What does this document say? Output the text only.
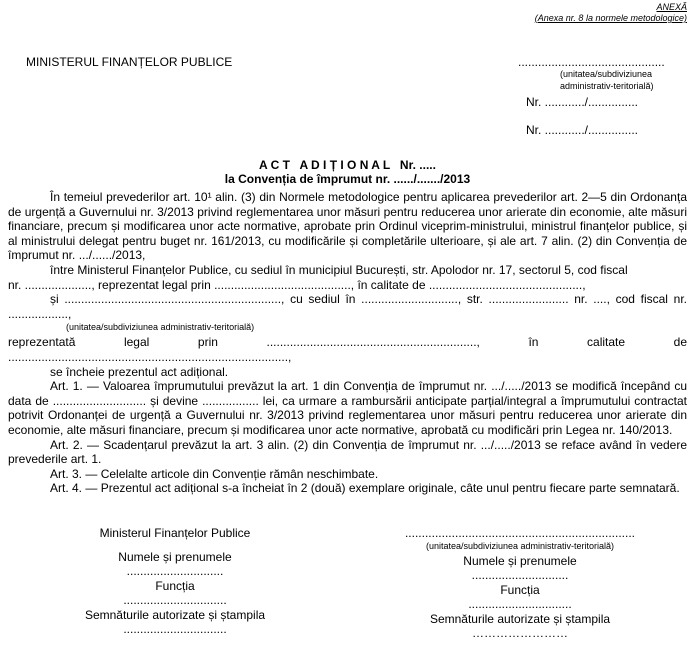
ANEXĂ
(Anexa nr. 8 la normele metodologice)
MINISTERUL FINANȚELOR PUBLICE	............................................
(unitatea/subdiviziunea
administrativ-teritorială)
Nr. ............/...............
Nr. ............/...............
A C T   A D I Ț I O N A L   Nr. .....
la Convenția de împrumut nr. ....../......./2013

În temeiul prevederilor art. 10¹ alin. (3) din Normele metodologice pentru aplicarea prevederilor art. 2—5 din Ordonanța de urgență a Guvernului nr. 3/2013 privind reglementarea unor măsuri pentru reducerea unor arierate din economie, alte măsuri financiare, precum și modificarea unor acte normative, aprobate prin Ordinul viceprim-ministrului, ministrul finanțelor publice, și al ministrului delegat pentru buget nr. 161/2013, cu modificările și completările ulterioare, și ale art. 7 alin. (2) din Convenția de împrumut nr. .../....../2013,

între Ministerul Finanțelor Publice, cu sediul în municipiul București, str. Apolodor nr. 17, sectorul 5, cod fiscal

nr. ...................., reprezentat legal prin ........................................., în calitate de ..............................................,

și ................................................................., cu sediul în ............................., str. ........................ nr. ...., cod fiscal nr. ..................,

(unitatea/subdiviziunea administrativ-teritorială)

reprezentată legal prin ..............................................................., în calitate de ....................................................................................,

se încheie prezentul act adițional.

Art. 1. — Valoarea împrumutului prevăzut la art. 1 din Convenția de împrumut nr. .../...../2013 se modifică începând cu data de ............................ și devine ................. lei, ca urmare a rambursării anticipate parțial/integral a împrumutului contractat potrivit Ordonanței de urgență a Guvernului nr. 3/2013 privind reglementarea unor măsuri pentru reducerea unor arierate din economie, alte măsuri financiare, precum și modificarea unor acte normative, aprobată cu modificări prin Legea nr. 140/2013.

Art. 2. — Scadențarul prevăzut la art. 3 alin. (2) din Convenția de împrumut nr. .../...../2013 se reface având în vedere prevederile art. 1.

Art. 3. — Celelalte articole din Convenție rămân neschimbate.

Art. 4. — Prezentul act adițional s-a încheiat în 2 (două) exemplare originale, câte unul pentru fiecare parte semnatară.

Ministerul Finanțelor Publice
Numele și prenumele
.............................
Funcția
...............................
Semnăturile autorizate și ștampila
...............................
.....................................................................
(unitatea/subdiviziunea administrativ-teritorială)
Numele și prenumele
.............................
Funcția
...............................
Semnăturile autorizate și ștampila
……………………
